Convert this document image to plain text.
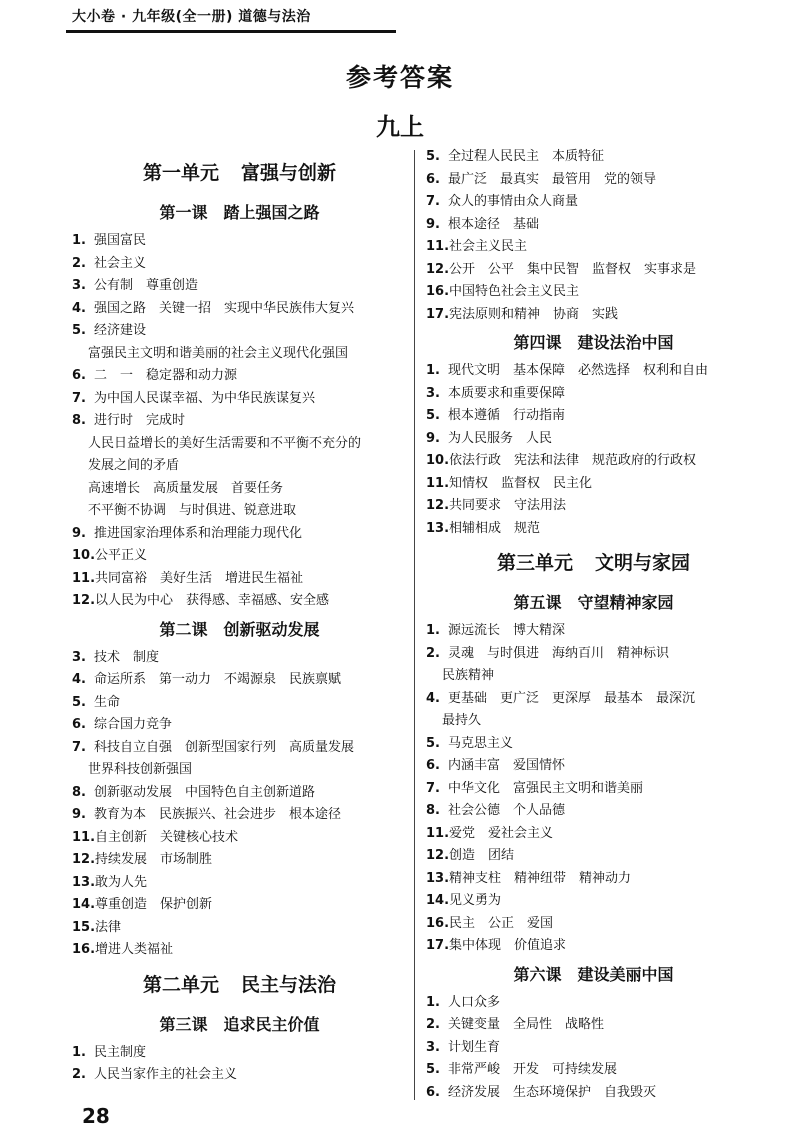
大小卷 · 九年级(全一册) 道德与法治
参考答案
九上
第一单元 富强与创新
第一课 踏上强国之路
1. 强国富民
2. 社会主义
3. 公有制　尊重创造
4. 强国之路　关键一招　实现中华民族伟大复兴
5. 经济建设
富强民主文明和谐美丽的社会主义现代化强国
6. 二　一　稳定器和动力源
7. 为中国人民谋幸福、为中华民族谋复兴
8. 进行时　完成时
人民日益增长的美好生活需要和不平衡不充分的
发展之间的矛盾
高速增长　高质量发展　首要任务
不平衡不协调　与时俱进、锐意进取
9. 推进国家治理体系和治理能力现代化
10.公平正义
11.共同富裕　美好生活　增进民生福祉
12.以人民为中心　获得感、幸福感、安全感
第二课 创新驱动发展
3. 技术　制度
4. 命运所系　第一动力　不竭源泉　民族禀赋
5. 生命
6. 综合国力竞争
7. 科技自立自强　创新型国家行列　高质量发展
世界科技创新强国
8. 创新驱动发展　中国特色自主创新道路
9. 教育为本　民族振兴、社会进步　根本途径
11.自主创新　关键核心技术
12.持续发展　市场制胜
13.敢为人先
14.尊重创造　保护创新
15.法律
16.增进人类福祉
第二单元 民主与法治
第三课 追求民主价值
1. 民主制度
2. 人民当家作主的社会主义
5. 全过程人民民主　本质特征
6. 最广泛　最真实　最管用　党的领导
7. 众人的事情由众人商量
9. 根本途径　基础
11.社会主义民主
12.公开　公平　集中民智　监督权　实事求是
16.中国特色社会主义民主
17.宪法原则和精神　协商　实践
第四课 建设法治中国
1. 现代文明　基本保障　必然选择　权利和自由
3. 本质要求和重要保障
5. 根本遵循　行动指南
9. 为人民服务　人民
10.依法行政　宪法和法律　规范政府的行政权
11.知情权　监督权　民主化
12.共同要求　守法用法
13.相辅相成　规范
第三单元 文明与家园
第五课 守望精神家园
1. 源远流长　博大精深
2. 灵魂　与时俱进　海纳百川　精神标识
民族精神
4. 更基础　更广泛　更深厚　最基本　最深沉
最持久
5. 马克思主义
6. 内涵丰富　爱国情怀
7. 中华文化　富强民主文明和谐美丽
8. 社会公德　个人品德
11.爱党　爱社会主义
12.创造　团结
13.精神支柱　精神纽带　精神动力
14.见义勇为
16.民主　公正　爱国
17.集中体现　价值追求
第六课 建设美丽中国
1. 人口众多
2. 关键变量　全局性　战略性
3. 计划生育
5. 非常严峻　开发　可持续发展
6. 经济发展　生态环境保护　自我毁灭
28
